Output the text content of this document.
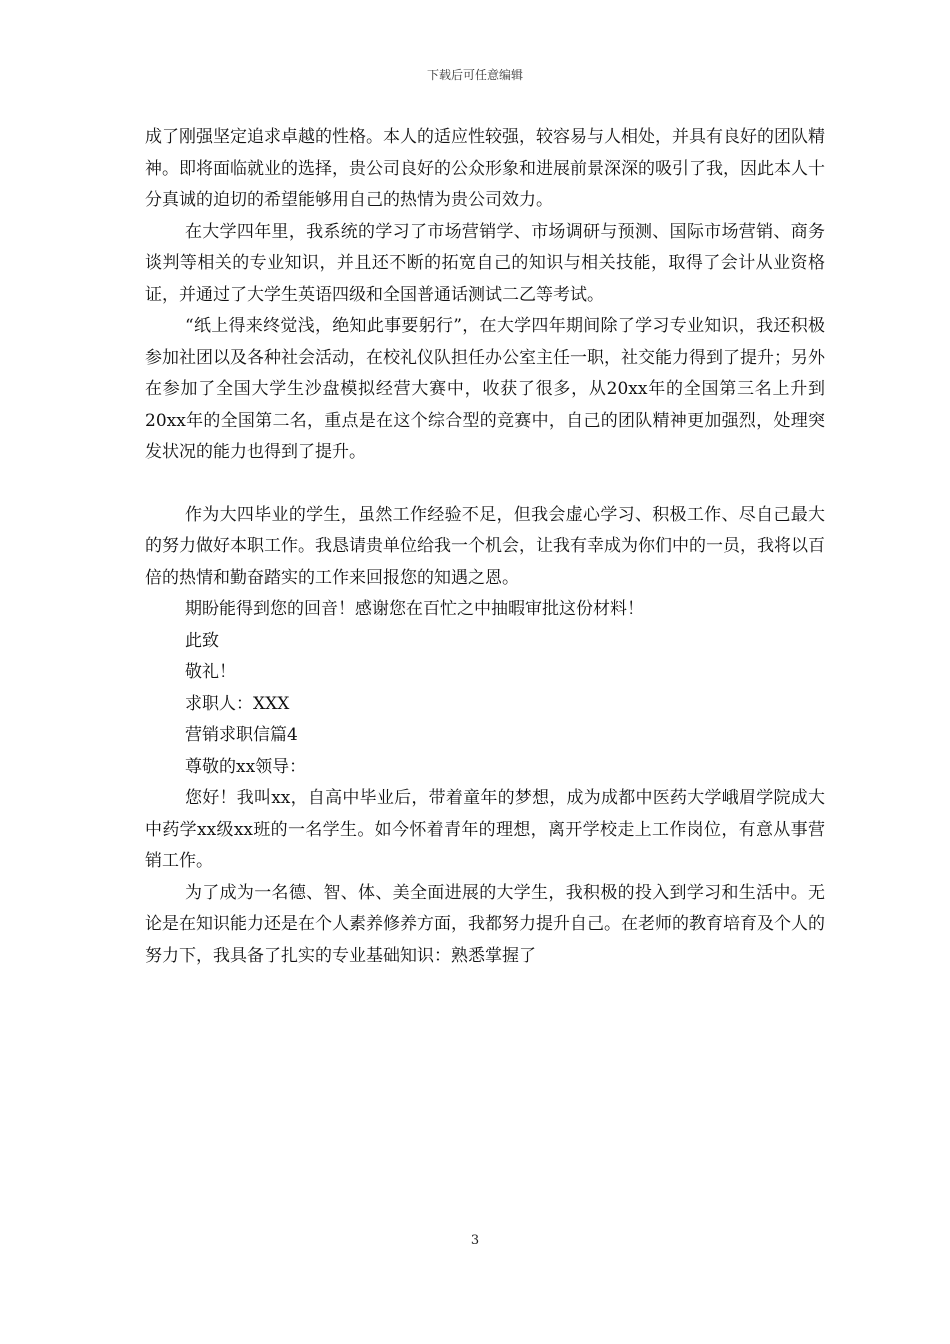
下载后可任意编辑

成了刚强坚定追求卓越的性格。本人的适应性较强，较容易与人相处，并具有良好的团队精神。即将面临就业的选择，贵公司良好的公众形象和进展前景深深的吸引了我，因此本人十分真诚的迫切的希望能够用自己的热情为贵公司效力。

在大学四年里，我系统的学习了市场营销学、市场调研与预测、国际市场营销、商务谈判等相关的专业知识，并且还不断的拓宽自己的知识与相关技能，取得了会计从业资格证，并通过了大学生英语四级和全国普通话测试二乙等考试。

“纸上得来终觉浅，绝知此事要躬行”，在大学四年期间除了学习专业知识，我还积极参加社团以及各种社会活动，在校礼仪队担任办公室主任一职，社交能力得到了提升；另外在参加了全国大学生沙盘模拟经营大赛中，收获了很多，从20xx年的全国第三名上升到20xx年的全国第二名，重点是在这个综合型的竞赛中，自己的团队精神更加强烈，处理突发状况的能力也得到了提升。

作为大四毕业的学生，虽然工作经验不足，但我会虚心学习、积极工作、尽自己最大的努力做好本职工作。我恳请贵单位给我一个机会，让我有幸成为你们中的一员，我将以百倍的热情和勤奋踏实的工作来回报您的知遇之恩。

期盼能得到您的回音！感谢您在百忙之中抽暇审批这份材料！

此致

敬礼！

求职人：XXX

营销求职信篇4

尊敬的xx领导：

您好！我叫xx，自高中毕业后，带着童年的梦想，成为成都中医药大学峨眉学院成大中药学xx级xx班的一名学生。如今怀着青年的理想，离开学校走上工作岗位，有意从事营销工作。

为了成为一名德、智、体、美全面进展的大学生，我积极的投入到学习和生活中。无论是在知识能力还是在个人素养修养方面，我都努力提升自己。在老师的教育培育及个人的努力下，我具备了扎实的专业基础知识：熟悉掌握了

3
